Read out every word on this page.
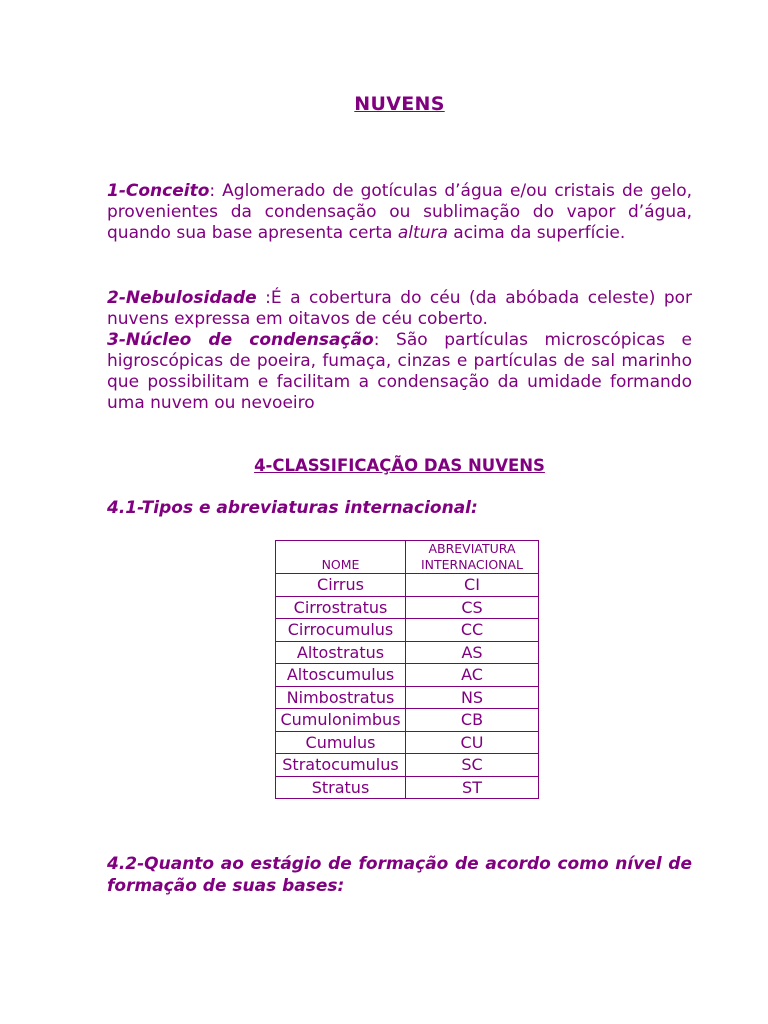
NUVENS

1-Conceito: Aglomerado de gotículas d’água e/ou cristais de gelo, provenientes da condensação ou sublimação do vapor d’água, quando sua base apresenta certa altura acima da superfície.

2-Nebulosidade :É a cobertura do céu (da abóbada celeste) por nuvens expressa em oitavos de céu coberto.

3-Núcleo de condensação: São partículas microscópicas e higroscópicas de poeira, fumaça, cinzas e partículas de sal marinho que possibilitam e facilitam a condensação da umidade formando uma nuvem ou nevoeiro

4-CLASSIFICAÇÃO DAS NUVENS

4.1-Tipos e abreviaturas internacional:

NOME	ABREVIATURA INTERNACIONAL
Cirrus	CI
Cirrostratus	CS
Cirrocumulus	CC
Altostratus	AS
Altoscumulus	AC
Nimbostratus	NS
Cumulonimbus	CB
Cumulus	CU
Stratocumulus	SC
Stratus	ST

4.2-Quanto ao estágio de formação de acordo como nível de formação de suas bases:
